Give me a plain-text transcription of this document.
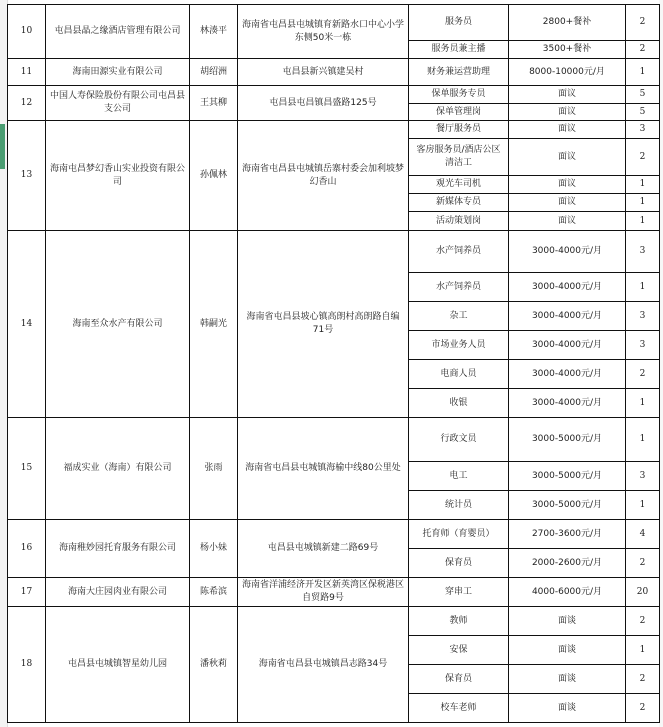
10	屯昌县晶之缘酒店管理有限公司	林湊平	海南省屯昌县屯城镇育新路水口中心小学东侧50米一栋	服务员	2800+餐补	2
				服务员兼主播	3500+餐补	2
11	海南田源实业有限公司	胡绍洲	屯昌县新兴镇建吴村	财务兼运营助理	8000-10000元/月	1
12	中国人寿保险股份有限公司屯昌县支公司	王其柳	屯昌县屯昌镇昌盛路125号	保单服务专员	面议	5
				保单管理岗	面议	5
13	海南屯昌梦幻香山实业投资有限公司	孙佩林	海南省屯昌县屯城镇岳寨村委会加利坡梦幻香山	餐厅服务员	面议	3
				客房服务员/酒店公区清洁工	面议	2
				观光车司机	面议	1
				新媒体专员	面议	1
				活动策划岗	面议	1
14	海南至众水产有限公司	韩嗣光	海南省屯昌县坡心镇高朗村高朗路自编71号	水产饲养员	3000-4000元/月	3
				水产饲养员	3000-4000元/月	1
				杂工	3000-4000元/月	3
				市场业务人员	3000-4000元/月	3
				电商人员	3000-4000元/月	2
				收银	3000-4000元/月	1
15	福成实业（海南）有限公司	张雨	海南省屯昌县屯城镇海榆中线80公里处	行政文员	3000-5000元/月	1
				电工	3000-5000元/月	3
				统计员	3000-5000元/月	1
16	海南稚妙园托育服务有限公司	杨小妹	屯昌县屯城镇新建二路69号	托育师（育婴员）	2700-3600元/月	4
				保育员	2000-2600元/月	2
17	海南大庄园肉业有限公司	陈希滨	海南省洋浦经济开发区新英湾区保税港区自贸路9号	穿串工	4000-6000元/月	20
18	屯昌县屯城镇智星幼儿园	潘秋莉	海南省屯昌县屯城镇昌志路34号	教师	面谈	2
				安保	面谈	1
				保育员	面谈	2
				校车老师	面谈	2
